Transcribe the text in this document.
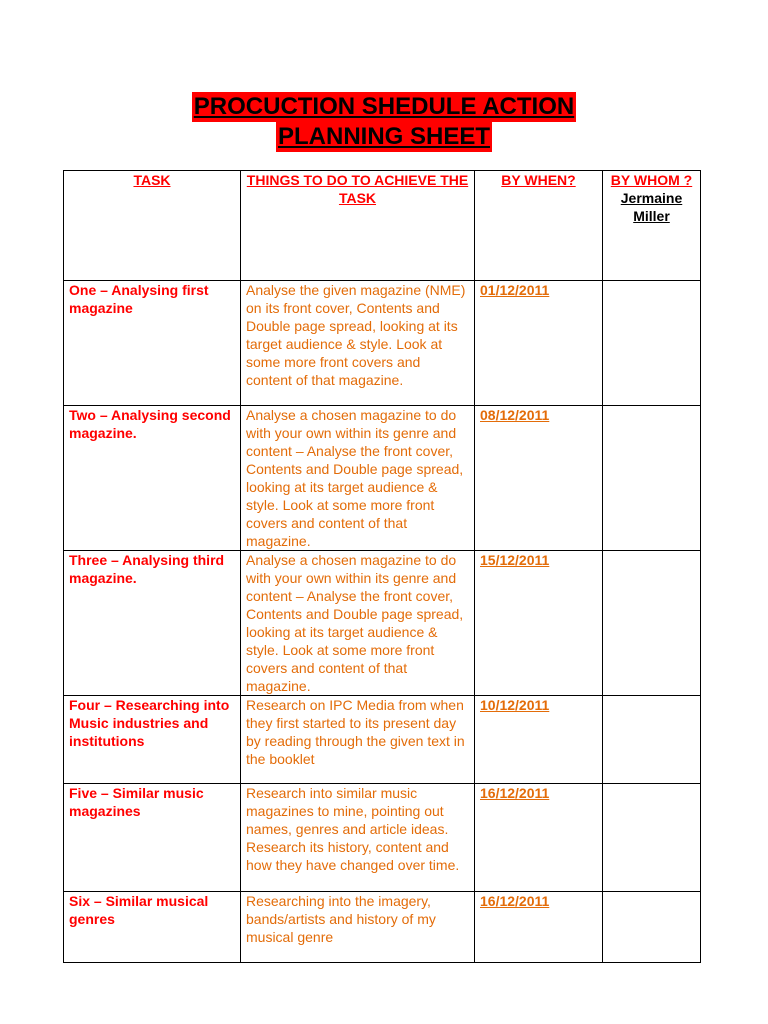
PROCUCTION SHEDULE ACTION
PLANNING SHEET
TASK	THINGS TO DO TO ACHIEVE THE TASK	BY WHEN?	BY WHOM ?
Jermaine Miller

One – Analysing first magazine	Analyse the given magazine (NME) on its front cover, Contents and Double page spread, looking at its target audience & style. Look at some more front covers and content of that magazine.	01/12/2011	
Two – Analysing second magazine.	Analyse a chosen magazine to do with your own within its genre and content – Analyse the front cover, Contents and Double page spread, looking at its target audience & style. Look at some more front covers and content of that magazine.	08/12/2011	
Three – Analysing third magazine.	Analyse a chosen magazine to do with your own within its genre and content – Analyse the front cover, Contents and Double page spread, looking at its target audience & style. Look at some more front covers and content of that magazine.	15/12/2011	
Four – Researching into Music industries and institutions	Research on IPC Media from when they first started to its present day by reading through the given text in the booklet	10/12/2011	
Five – Similar music magazines	Research into similar music magazines to mine, pointing out names, genres and article ideas. Research its history, content and how they have changed over time.	16/12/2011	
Six – Similar musical genres	Researching into the imagery, bands/artists and history of my musical genre	16/12/2011	
